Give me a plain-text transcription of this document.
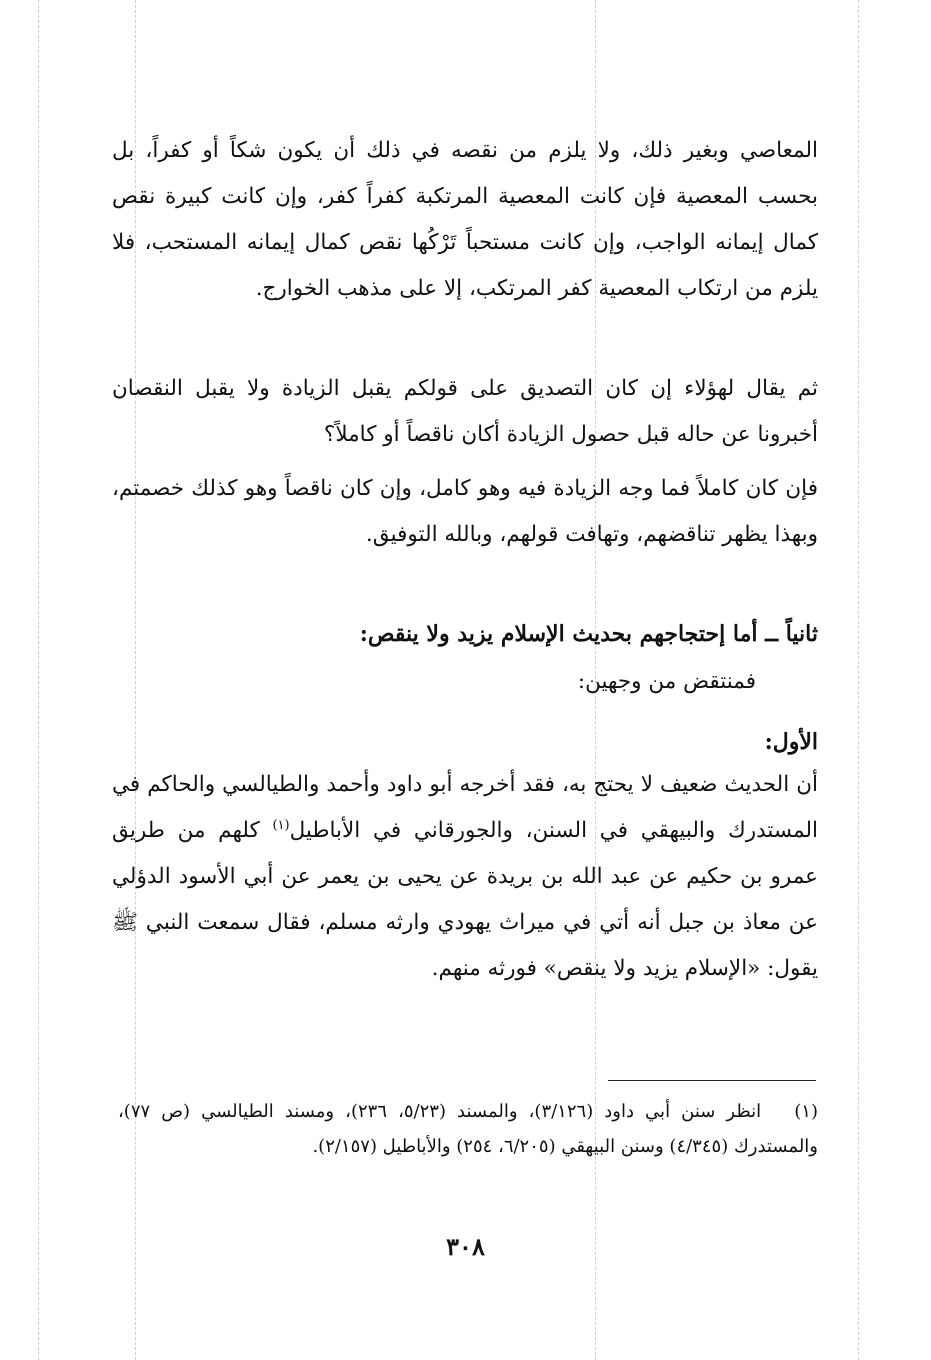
المعاصي وبغير ذلك، ولا يلزم من نقصه في ذلك أن يكون شكاً أو كفراً، بل بحسب المعصية فإن كانت المعصية المرتكبة كفراً كفر، وإن كانت كبيرة نقص كمال إيمانه الواجب، وإن كانت مستحباً تَرْكُها نقص كمال إيمانه المستحب، فلا يلزم من ارتكاب المعصية كفر المرتكب، إلا على مذهب الخوارج.

ثم يقال لهؤلاء إن كان التصديق على قولكم يقبل الزيادة ولا يقبل النقصان أخبرونا عن حاله قبل حصول الزيادة أكان ناقصاً أو كاملاً؟

فإن كان كاملاً فما وجه الزيادة فيه وهو كامل، وإن كان ناقصاً وهو كذلك خصمتم، وبهذا يظهر تناقضهم، وتهافت قولهم، وبالله التوفيق.

ثانياً ــ أما إحتجاجهم بحديث الإسلام يزيد ولا ينقص:

فمنتقض من وجهين:

الأول:

أن الحديث ضعيف لا يحتج به، فقد أخرجه أبو داود وأحمد والطيالسي والحاكم في المستدرك والبيهقي في السنن، والجورقاني في الأباطيل$^{(١)}$ كلهم من طريق عمرو بن حكيم عن عبد الله بن بريدة عن يحيى بن يعمر عن أبي الأسود الدؤلي عن معاذ بن جبل أنه أتي في ميراث يهودي وارثه مسلم، فقال سمعت النبي ﷺ يقول: «الإسلام يزيد ولا ينقص» فورثه منهم.

(١)   انظر سنن أبي داود (٣/١٢٦)، والمسند (٥/٢٣، ٢٣٦)، ومسند الطيالسي (ص ٧٧)، والمستدرك (٤/٣٤٥) وسنن البيهقي (٦/٢٠٥، ٢٥٤) والأباطيل (٢/١٥٧).

٣٠٨
